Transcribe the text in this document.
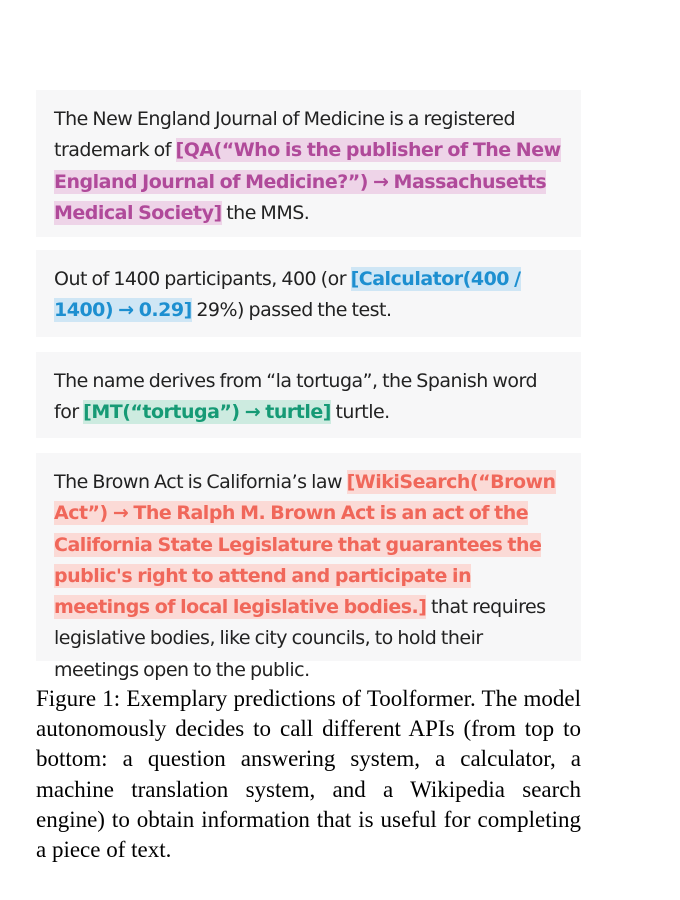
The New England Journal of Medicine is a registered trademark of [QA(“Who is the publisher of The New England Journal of Medicine?”) → Massachusetts Medical Society] the MMS.
Out of 1400 participants, 400 (or [Calculator(400 / 1400) → 0.29] 29%) passed the test.
The name derives from “la tortuga”, the Spanish word for [MT(“tortuga”) → turtle] turtle.
The Brown Act is California’s law [WikiSearch(“Brown Act”) → The Ralph M. Brown Act is an act of the California State Legislature that guarantees the public's right to attend and participate in meetings of local legislative bodies.] that requires legislative bodies, like city councils, to hold their meetings open to the public.

Figure 1: Exemplary predictions of Toolformer. The model autonomously decides to call different APIs (from top to bottom: a question answering system, a calculator, a machine translation system, and a Wikipedia search engine) to obtain information that is useful for completing a piece of text.
